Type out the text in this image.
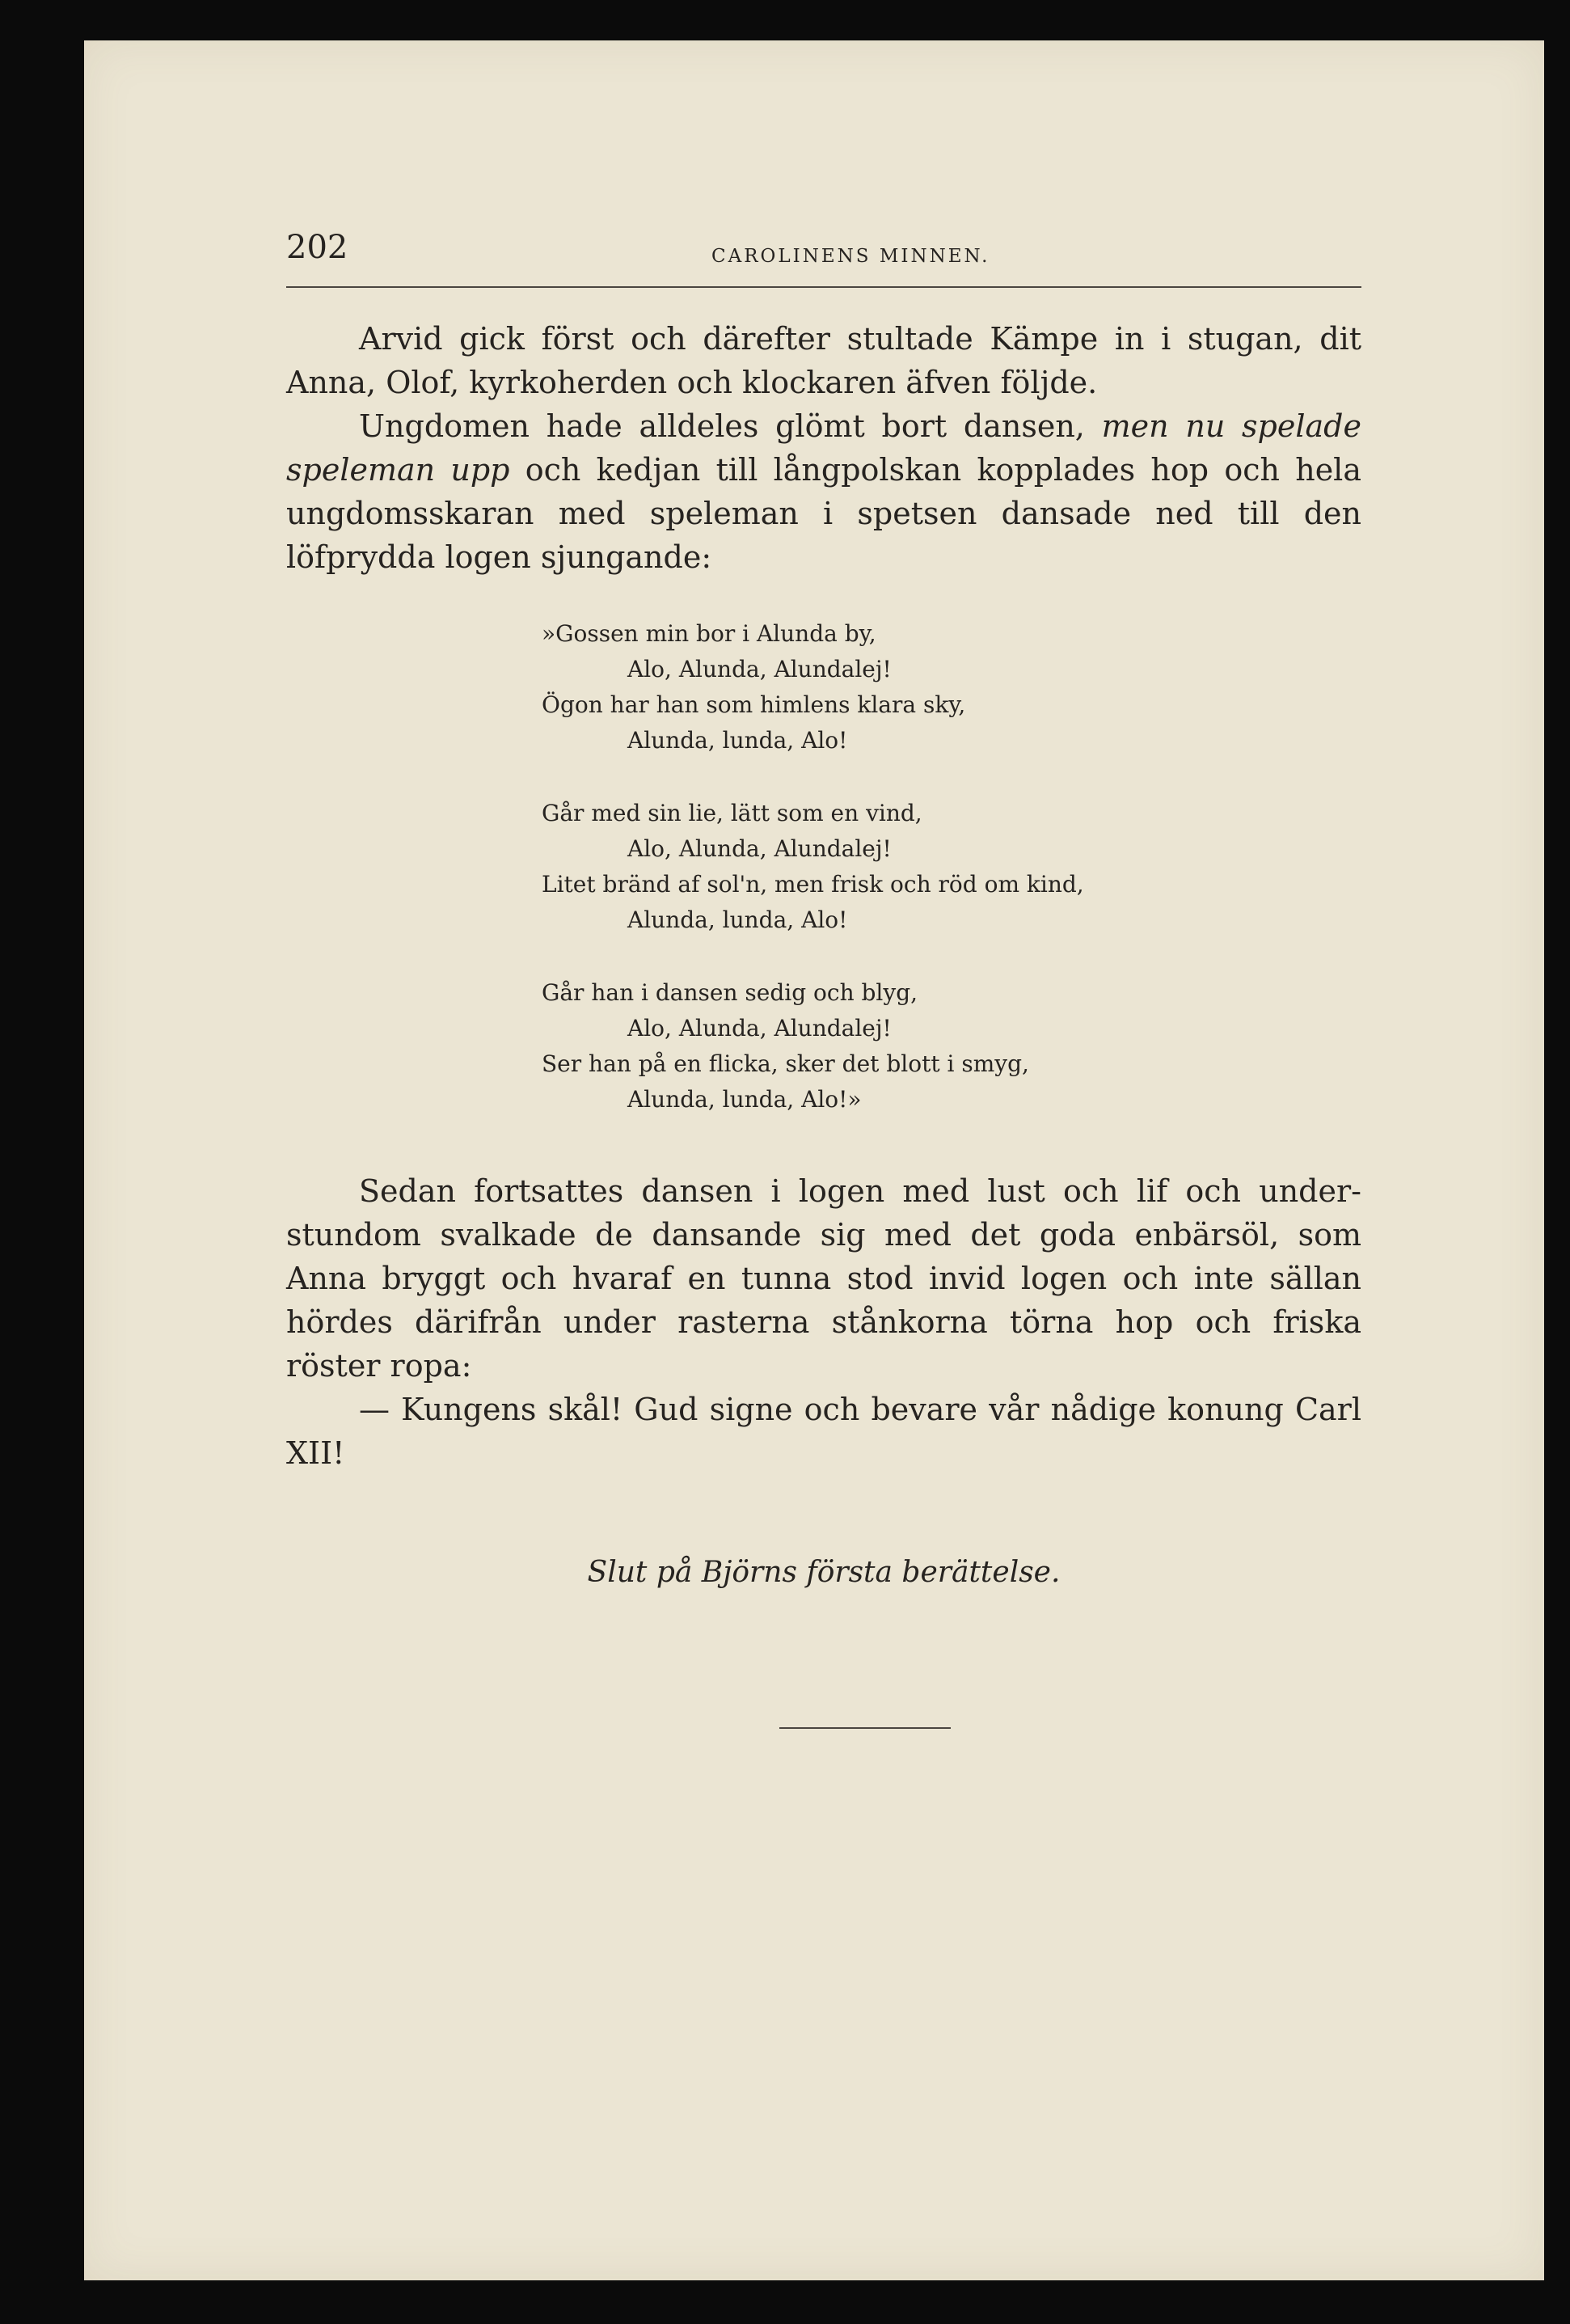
202	CAROLINENS MINNEN.

Arvid gick först och därefter stultade Kämpe in i stugan, dit Anna, Olof, kyrkoherden och klockaren äfven följde.

Ungdomen hade alldeles glömt bort dansen, men nu spelade speleman upp och kedjan till långpolskan kopplades hop och hela ungdomsskaran med speleman i spetsen dansade ned till den löfprydda logen sjungande:

»Gossen min bor i Alunda by,
Alo, Alunda, Alundalej!
Ögon har han som himlens klara sky,
Alunda, lunda, Alo!
Går med sin lie, lätt som en vind,
Alo, Alunda, Alundalej!
Litet bränd af sol'n, men frisk och röd om kind,
Alunda, lunda, Alo!
Går han i dansen sedig och blyg,
Alo, Alunda, Alundalej!
Ser han på en flicka, sker det blott i smyg,
Alunda, lunda, Alo!»

Sedan fortsattes dansen i logen med lust och lif och understundom svalkade de dansande sig med det goda enbärsöl, som Anna bryggt och hvaraf en tunna stod invid logen och inte sällan hördes därifrån under rasterna stånkorna törna hop och friska röster ropa:

— Kungens skål! Gud signe och bevare vår nådige konung Carl XII!

Slut på Björns första berättelse.
